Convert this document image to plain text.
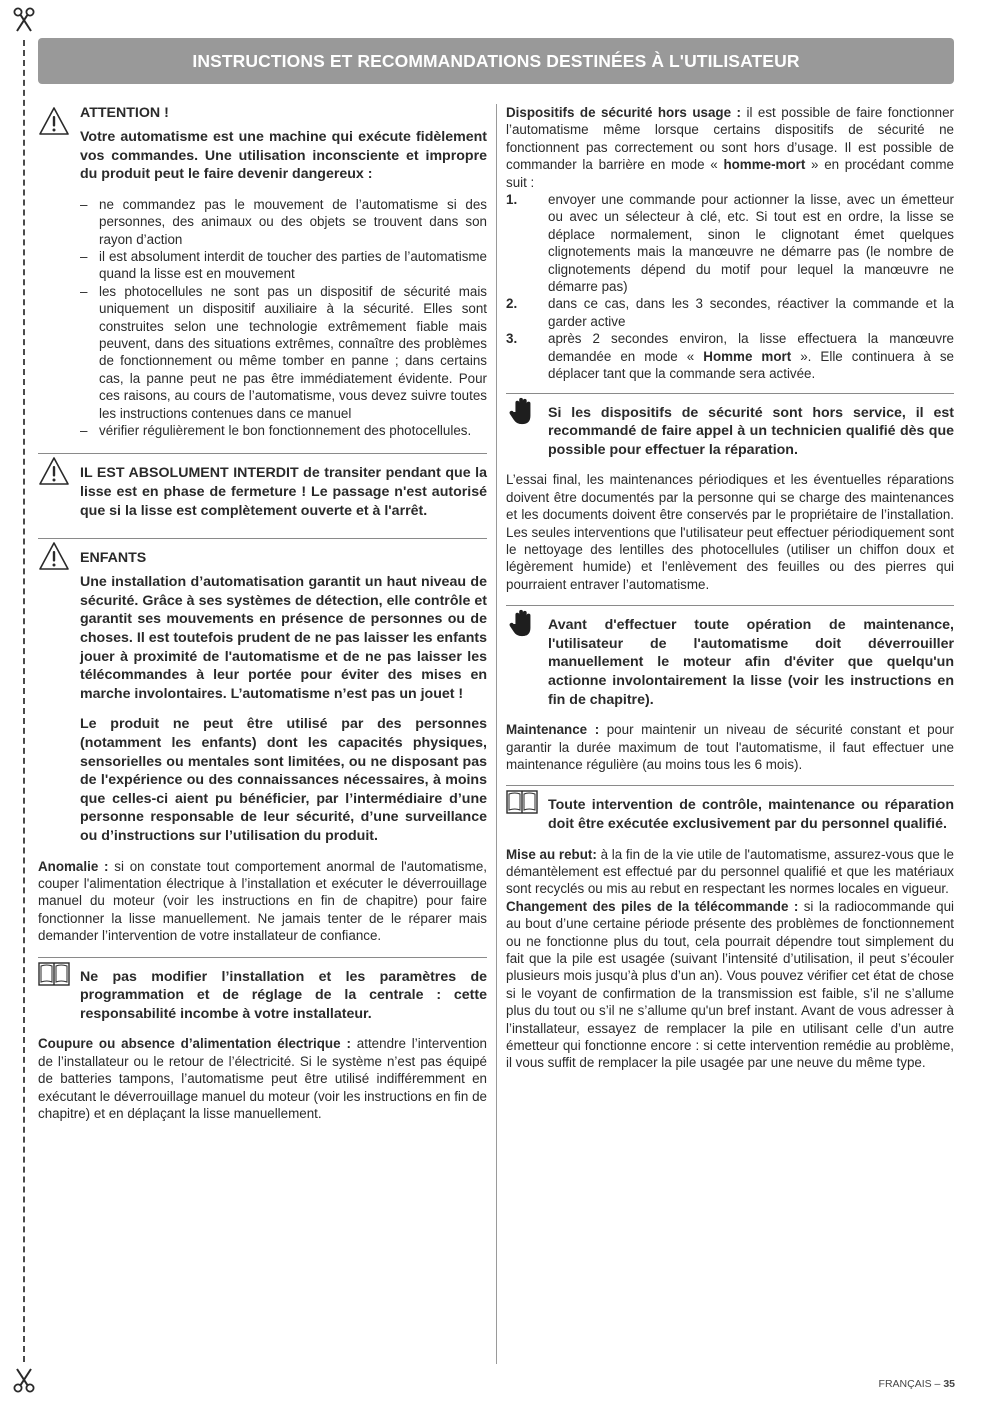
INSTRUCTIONS ET RECOMMANDATIONS DESTINÉES À L'UTILISATEUR
ATTENTION !
Votre automatisme est une machine qui exécute fidèlement vos commandes. Une utilisation inconsciente et impropre du produit peut le faire devenir dangereux :
– ne commandez pas le mouvement de l’automatisme si des personnes, des animaux ou des objets se trouvent dans son rayon d’action
– il est absolument interdit de toucher des parties de l’automatisme quand la lisse est en mouvement
– les photocellules ne sont pas un dispositif de sécurité mais uniquement un dispositif auxiliaire à la sécurité. Elles sont construites selon une technologie extrêmement fiable mais peuvent, dans des situations extrêmes, connaître des problèmes de fonctionnement ou même tomber en panne ; dans certains cas, la panne peut ne pas être immédiatement évidente. Pour ces raisons, au cours de l’automatisme, vous devez suivre toutes les instructions contenues dans ce manuel
– vérifier régulièrement le bon fonctionnement des photocellules.
IL EST ABSOLUMENT INTERDIT de transiter pendant que la lisse est en phase de fermeture ! Le passage n'est autorisé que si la lisse est complètement ouverte et à l'arrêt.
ENFANTS
Une installation d’automatisation garantit un haut niveau de sécurité. Grâce à ses systèmes de détection, elle contrôle et garantit ses mouvements en présence de personnes ou de choses. Il est toutefois prudent de ne pas laisser les enfants jouer à proximité de l'automatisme et de ne pas laisser les télécommandes à leur portée pour éviter des mises en marche involontaires. L’automatisme n’est pas un jouet !
Le produit ne peut être utilisé par des personnes (notamment les enfants) dont les capacités physiques, sensorielles ou mentales sont limitées, ou ne disposant pas de l'expérience ou des connaissances nécessaires, à moins que celles-ci aient pu bénéficier, par l’intermédiaire d’une personne responsable de leur sécurité, d’une surveillance ou d’instructions sur l’utilisation du produit.

Anomalie : si on constate tout comportement anormal de l'automatisme, couper l'alimentation électrique à l’installation et exécuter le déverrouillage manuel du moteur (voir les instructions en fin de chapitre) pour faire fonctionner la lisse manuellement. Ne jamais tenter de le réparer mais demander l’intervention de votre installateur de confiance.

Ne pas modifier l’installation et les paramètres de programmation et de réglage de la centrale : cette responsabilité incombe à votre installateur.

Coupure ou absence d’alimentation électrique : attendre l’intervention de l’installateur ou le retour de l’électricité. Si le système n’est pas équipé de batteries tampons, l’automatisme peut être utilisé indifféremment en exécutant le déverrouillage manuel du moteur (voir les instructions en fin de chapitre) et en déplaçant la lisse manuellement.

Dispositifs de sécurité hors usage : il est possible de faire fonctionner l’automatisme même lorsque certains dispositifs de sécurité ne fonctionnent pas correctement ou sont hors d’usage. Il est possible de commander la barrière en mode « homme-mort » en procédant comme suit :

1. envoyer une commande pour actionner la lisse, avec un émetteur ou avec un sélecteur à clé, etc. Si tout est en ordre, la lisse se déplace normalement, sinon le clignotant émet quelques clignotements mais la manœuvre ne démarre pas (le nombre de clignotements dépend du motif pour lequel la manœuvre ne démarre pas)
2. dans ce cas, dans les 3 secondes, réactiver la commande et la garder active
3. après 2 secondes environ, la lisse effectuera la manœuvre demandée en mode « Homme mort ». Elle continuera à se déplacer tant que la commande sera activée.
Si les dispositifs de sécurité sont hors service, il est recommandé de faire appel à un technicien qualifié dès que possible pour effectuer la réparation.

L’essai final, les maintenances périodiques et les éventuelles réparations doivent être documentés par la personne qui se charge des maintenances et les documents doivent être conservés par le propriétaire de l’installation. Les seules interventions que l'utilisateur peut effectuer périodiquement sont le nettoyage des lentilles des photocellules (utiliser un chiffon doux et légèrement humide) et l'enlèvement des feuilles ou des pierres qui pourraient entraver l’automatisme.

Avant d'effectuer toute opération de maintenance, l'utilisateur de l'automatisme doit déverrouiller manuellement le moteur afin d'éviter que quelqu'un actionne involontairement la lisse (voir les instructions en fin de chapitre).

Maintenance : pour maintenir un niveau de sécurité constant et pour garantir la durée maximum de tout l'automatisme, il faut effectuer une maintenance régulière (au moins tous les 6 mois).

Toute intervention de contrôle, maintenance ou réparation doit être exécutée exclusivement par du personnel qualifié.

Mise au rebut: à la fin de la vie utile de l'automatisme, assurez-vous que le démantèlement est effectué par du personnel qualifié et que les matériaux sont recyclés ou mis au rebut en respectant les normes locales en vigueur.

Changement des piles de la télécommande : si la radiocommande qui au bout d’une certaine période présente des problèmes de fonctionnement ou ne fonctionne plus du tout, cela pourrait dépendre tout simplement du fait que la pile est usagée (suivant l’intensité d’utilisation, il peut s’écouler plusieurs mois jusqu’à plus d’un an). Vous pouvez vérifier cet état de chose si le voyant de confirmation de la transmission est faible, s’il ne s’allume plus du tout ou s’il ne s’allume qu'un bref instant. Avant de vous adresser à l’installateur, essayez de remplacer la pile en utilisant celle d’un autre émetteur qui fonctionne encore : si cette intervention remédie au problème, il vous suffit de remplacer la pile usagée par une neuve du même type.

FRANÇAIS – 35
